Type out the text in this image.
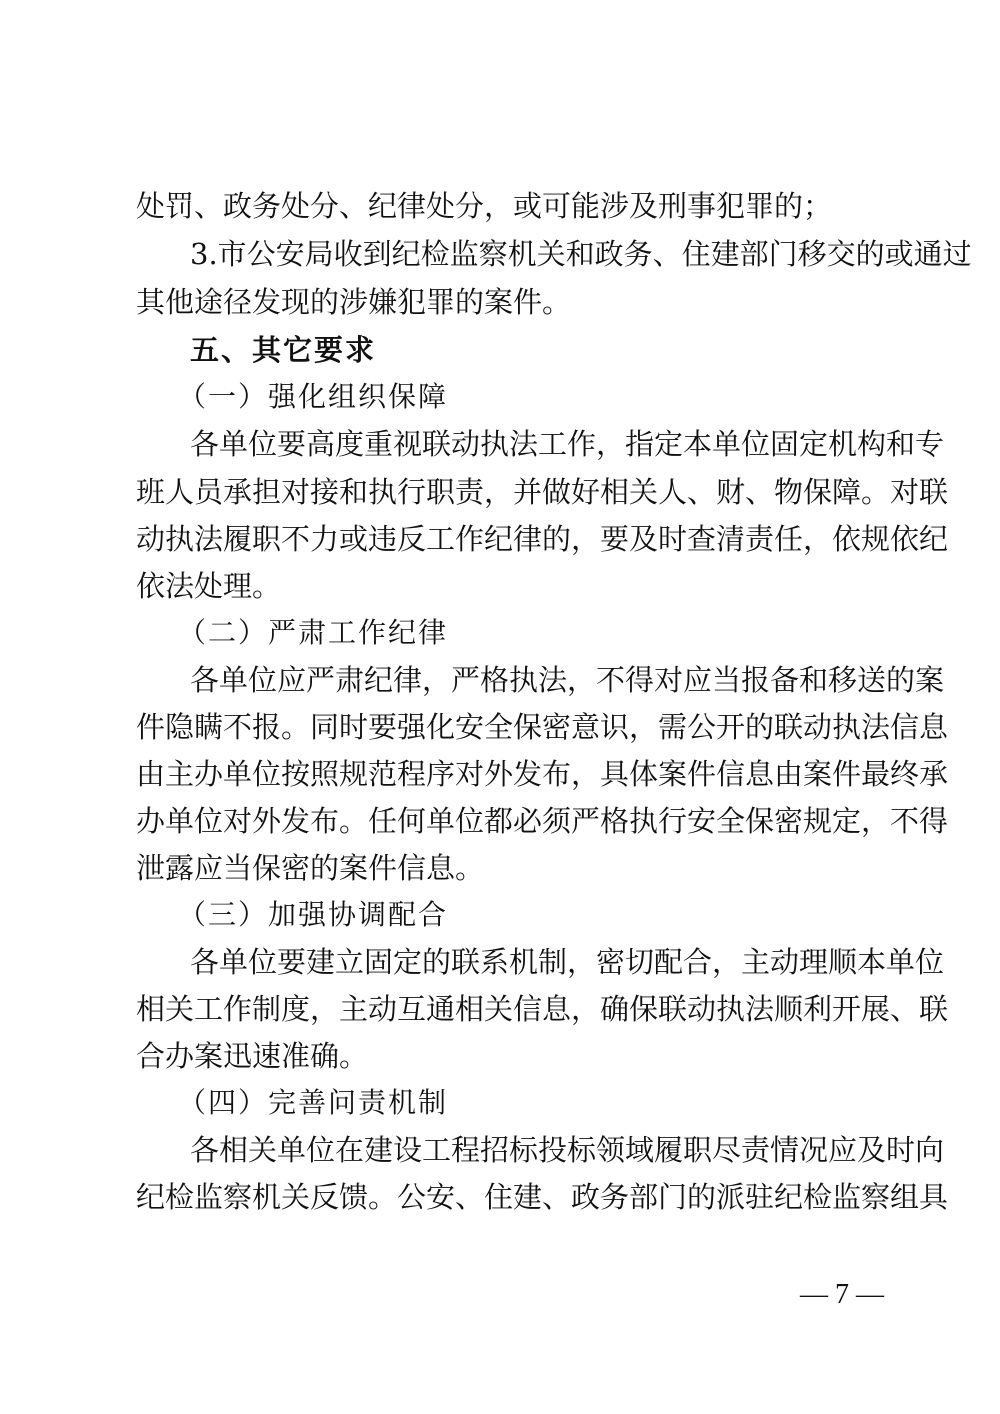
处罚、政务处分、纪律处分，或可能涉及刑事犯罪的；
3.市公安局收到纪检监察机关和政务、住建部门移交的或通过
其他途径发现的涉嫌犯罪的案件。
五、其它要求
（一）强化组织保障
各单位要高度重视联动执法工作，指定本单位固定机构和专
班人员承担对接和执行职责，并做好相关人、财、物保障。对联
动执法履职不力或违反工作纪律的，要及时查清责任，依规依纪
依法处理。
（二）严肃工作纪律
各单位应严肃纪律，严格执法，不得对应当报备和移送的案
件隐瞒不报。同时要强化安全保密意识，需公开的联动执法信息
由主办单位按照规范程序对外发布，具体案件信息由案件最终承
办单位对外发布。任何单位都必须严格执行安全保密规定，不得
泄露应当保密的案件信息。
（三）加强协调配合
各单位要建立固定的联系机制，密切配合，主动理顺本单位
相关工作制度，主动互通相关信息，确保联动执法顺利开展、联
合办案迅速准确。
（四）完善问责机制
各相关单位在建设工程招标投标领域履职尽责情况应及时向
纪检监察机关反馈。公安、住建、政务部门的派驻纪检监察组具
— 7 —
